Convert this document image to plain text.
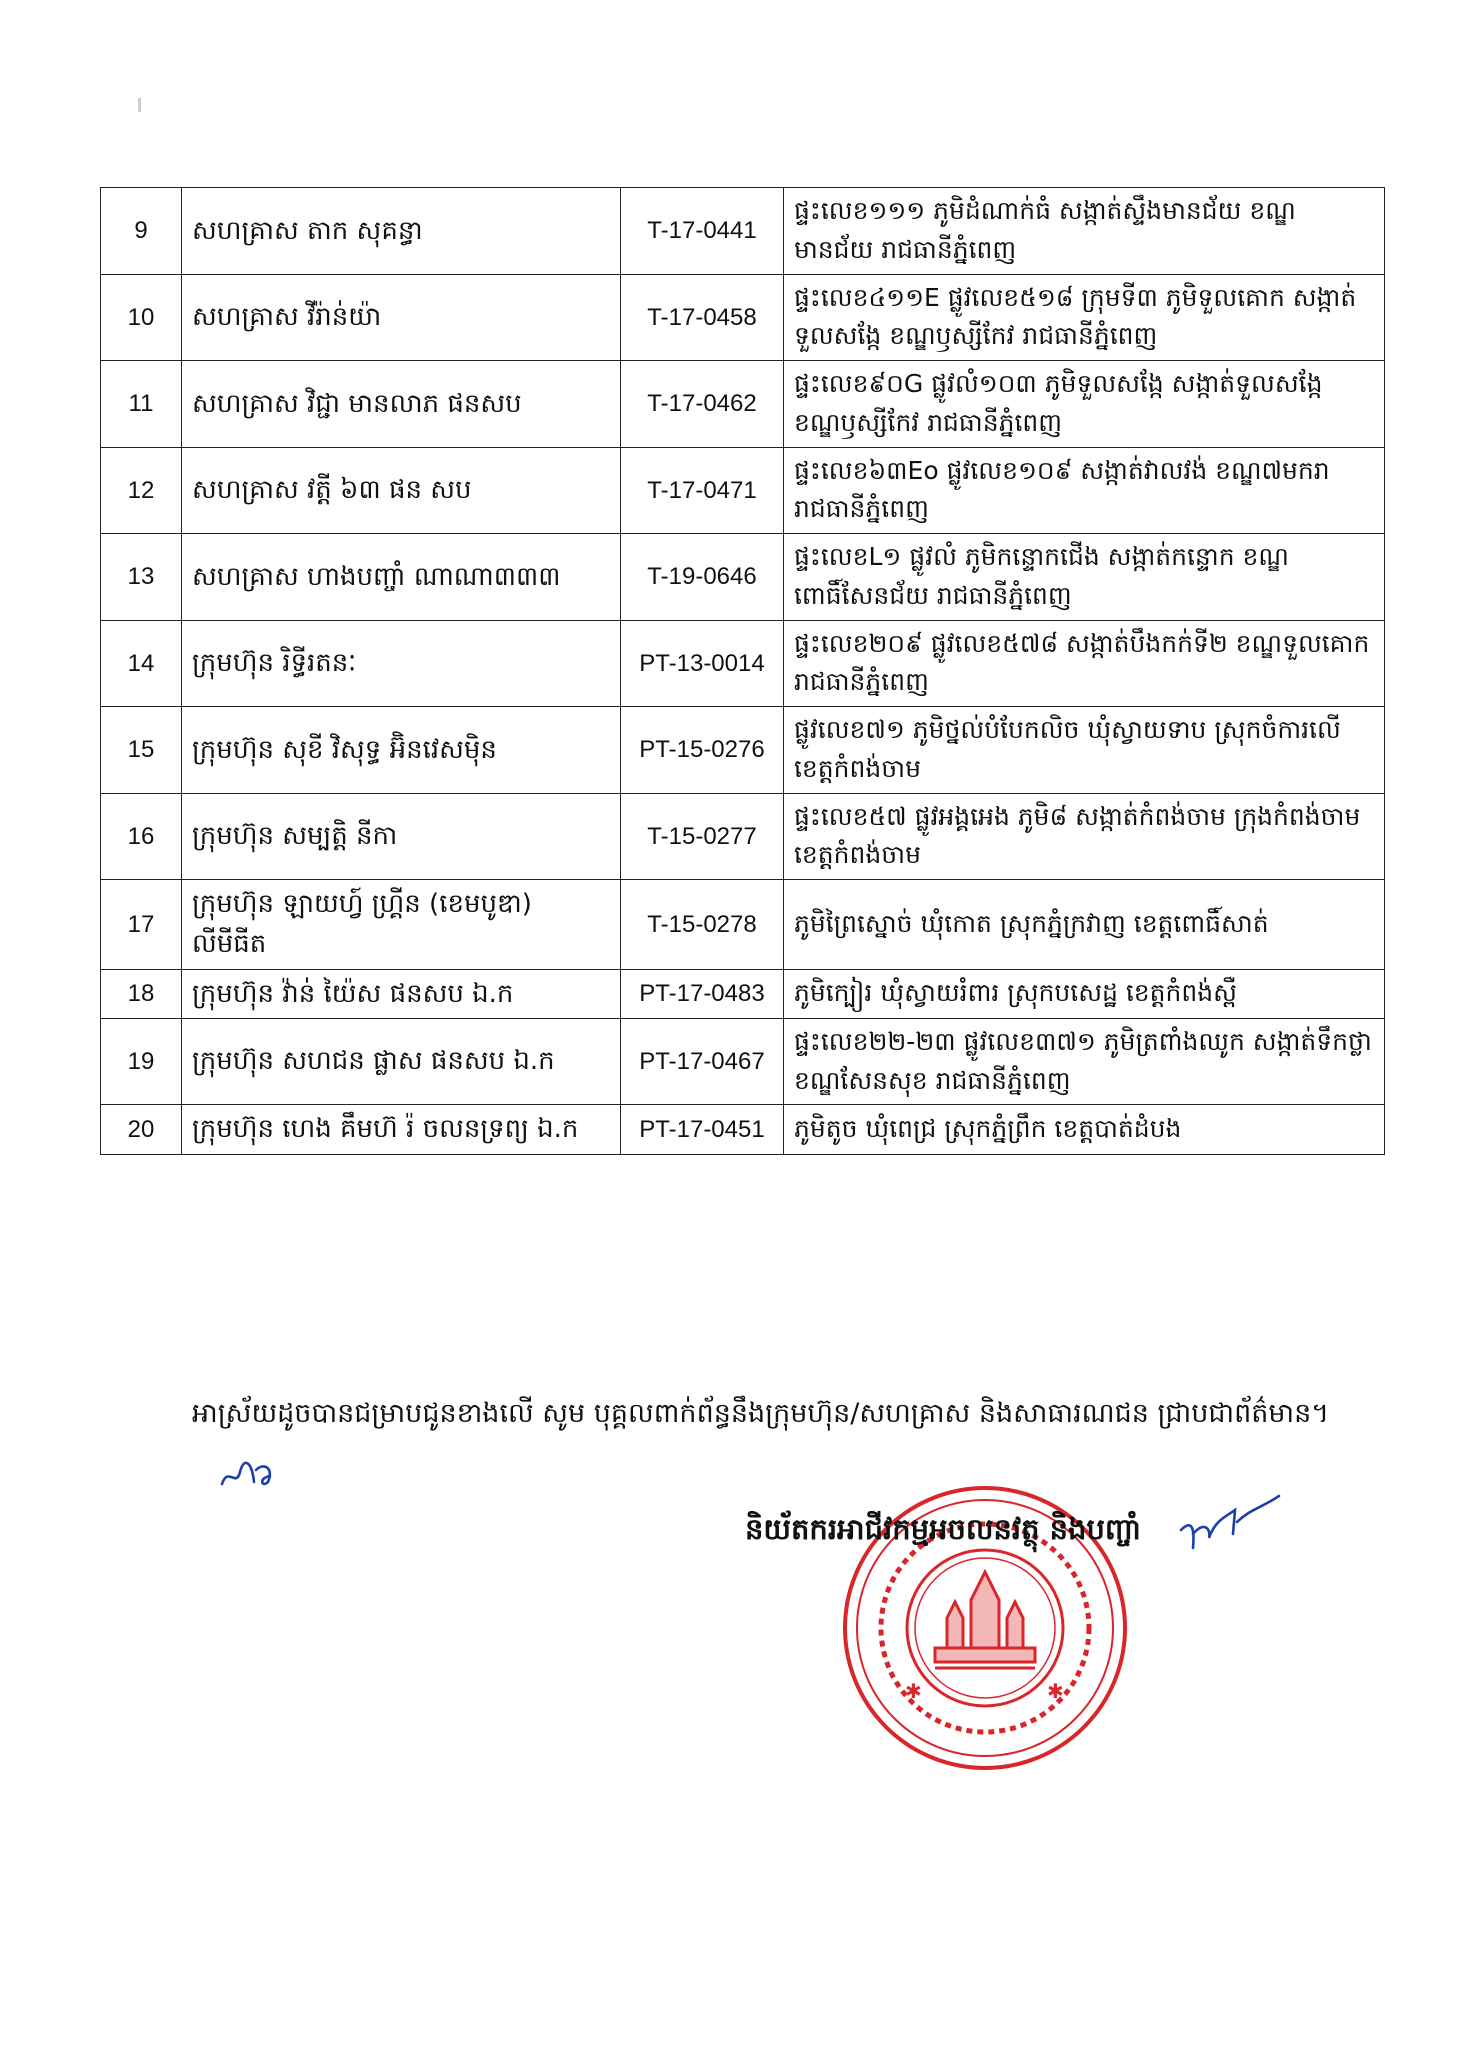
9	សហគ្រាស តាក សុគន្ធា	T-17-0441	ផ្ទះលេខ១១១ ភូមិដំណាក់ធំ សង្កាត់ស្ទឹងមានជ័យ ខណ្ឌមានជ័យ រាជធានីភ្នំពេញ
10	សហគ្រាស វីរ៉ាន់យ៉ា	T-17-0458	ផ្ទះលេខ៤១១E ផ្លូវលេខ៥១៨ ក្រុមទី៣ ភូមិទួលគោក សង្កាត់ទួលសង្កែ ខណ្ឌឫស្សីកែវ រាជធានីភ្នំពេញ
11	សហគ្រាស វិជ្ជា មានលាភ ផនសប	T-17-0462	ផ្ទះលេខ៩០G ផ្លូវលំ១០៣ ភូមិទួលសង្កែ សង្កាត់ទួលសង្កែ ខណ្ឌឫស្សីកែវ រាជធានីភ្នំពេញ
12	សហគ្រាស វត្តី ៦៣ ផន សប	T-17-0471	ផ្ទះលេខ៦៣Eo ផ្លូវលេខ១០៩ សង្កាត់វាលវង់ ខណ្ឌ៧មករា រាជធានីភ្នំពេញ
13	សហគ្រាស ហាងបញ្ចាំ ណាណា៣៣៣	T-19-0646	ផ្ទះលេខL១ ផ្លូវលំ ភូមិកន្ទោកជើង សង្កាត់កន្ទោក ខណ្ឌពោធិ៍សែនជ័យ រាជធានីភ្នំពេញ
14	ក្រុមហ៊ុន រិទ្ធីរតនៈ	PT-13-0014	ផ្ទះលេខ២០៩ ផ្លូវលេខ៥៧៨ សង្កាត់បឹងកក់ទី២ ខណ្ឌទួលគោក រាជធានីភ្នំពេញ
15	ក្រុមហ៊ុន សុខី វិសុទ្ធ អ៊ិនវេសម៉ិន	PT-15-0276	ផ្លូវលេខ៧១ ភូមិថ្នល់បំបែកលិច ឃុំស្វាយទាប ស្រុកចំការលើ ខេត្តកំពង់ចាម
16	ក្រុមហ៊ុន សម្បត្តិ នីកា	T-15-0277	ផ្ទះលេខ៥៧ ផ្លូវអង្គអេង ភូមិ៨ សង្កាត់កំពង់ចាម ក្រុងកំពង់ចាម ខេត្តកំពង់ចាម
17	ក្រុមហ៊ុន ឡាយហ្វ៍ ហ្គ្រីន (ខេមបូឌា) លីមីធីត	T-15-0278	ភូមិព្រៃស្នោច់ ឃុំកោត ស្រុកភ្នំក្រវាញ ខេត្តពោធិ៍សាត់
18	ក្រុមហ៊ុន វ៉ាន់ យ៉ៃស ផនសប ឯ.ក	PT-17-0483	ភូមិក្បៀរ ឃុំស្វាយរំពារ ស្រុកបសេដ្ឋ ខេត្តកំពង់ស្ពឺ
19	ក្រុមហ៊ុន សហជន ផ្លាស ផនសប ឯ.ក	PT-17-0467	ផ្ទះលេខ២២-២៣ ផ្លូវលេខ៣៧១ ភូមិត្រពាំងឈូក សង្កាត់ទឹកថ្លា ខណ្ឌសែនសុខ រាជធានីភ្នំពេញ
20	ក្រុមហ៊ុន ហេង គឹមហ៊ រ៉ ចលនទ្រព្យ ឯ.ក	PT-17-0451	ភូមិតូច ឃុំពេជ្រ ស្រុកភ្នំព្រឹក ខេត្តបាត់ដំបង
អាស្រ័យដូចបានជម្រាបជូនខាងលើ សូម បុគ្គលពាក់ព័ន្ធនឹងក្រុមហ៊ុន/សហគ្រាស និងសាធារណជន ជ្រាបជាព័ត៌មាន។
✱	✱
និយ័តករអាជីវកម្មអចលនវត្ថុ និងបញ្ចាំ
